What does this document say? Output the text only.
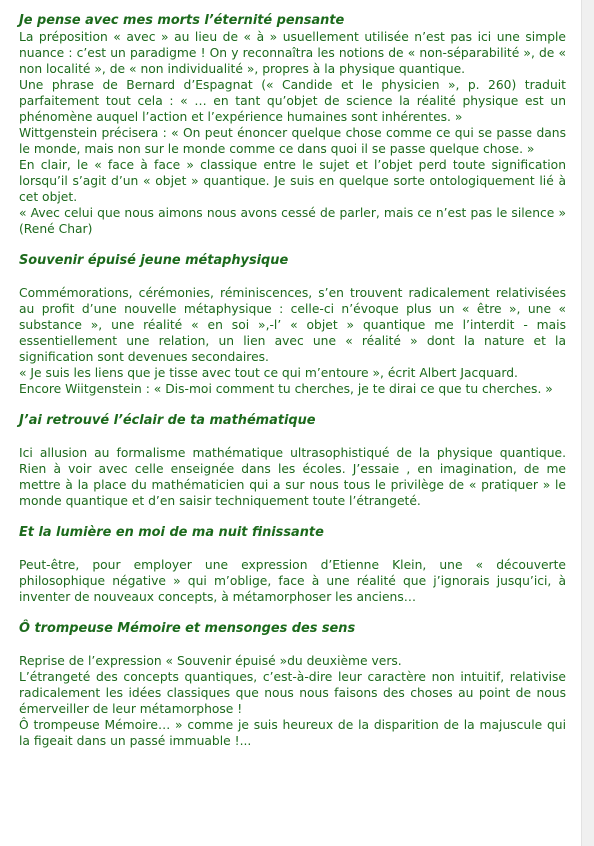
Je pense avec mes morts l’éternité pensante

La préposition « avec » au lieu de « à » usuellement utilisée n’est pas ici une simple nuance : c’est un paradigme ! On y reconnaîtra les notions de « non-séparabilité », de « non localité », de « non individualité », propres à la physique quantique.

Une phrase de Bernard d’Espagnat (« Candide et le physicien », p. 260) traduit parfaitement tout cela : « … en tant qu’objet de science la réalité physique est un phénomène auquel l’action et l’expérience humaines sont inhérentes. »

Wittgenstein précisera : « On peut énoncer quelque chose comme ce qui se passe dans le monde, mais non sur le monde comme ce dans quoi il se passe quelque chose. »

En clair, le « face à face » classique entre le sujet et l’objet perd toute signification lorsqu’il s’agit d’un « objet » quantique. Je suis en quelque sorte ontologiquement lié à cet objet.

« Avec celui que nous aimons nous avons cessé de parler, mais ce n’est pas le silence » (René Char)

Souvenir épuisé jeune métaphysique

Commémorations, cérémonies, réminiscences, s’en trouvent radicalement relativisées au profit d’une nouvelle métaphysique : celle-ci n’évoque plus un « être », une « substance », une réalité « en soi »,-l’ « objet » quantique me l’interdit - mais essentiellement une relation, un lien avec une « réalité » dont la nature et la signification sont devenues secondaires.

« Je suis les liens que je tisse avec tout ce qui m’entoure », écrit Albert Jacquard.

Encore Wiitgenstein : « Dis-moi comment tu cherches, je te dirai ce que tu cherches. »

J’ai retrouvé l’éclair de ta mathématique

Ici allusion au formalisme mathématique ultrasophistiqué de la physique quantique. Rien à voir avec celle enseignée dans les écoles. J’essaie , en imagination, de me mettre à la place du mathématicien qui a sur nous tous le privilège de « pratiquer » le monde quantique et d’en saisir techniquement toute l’étrangeté.

Et la lumière en moi de ma nuit finissante

Peut-être, pour employer une expression d’Etienne Klein, une « découverte philosophique négative » qui m’oblige, face à une réalité que j’ignorais jusqu’ici, à inventer de nouveaux concepts, à métamorphoser les anciens…

Ô trompeuse Mémoire et mensonges des sens

Reprise de l’expression « Souvenir épuisé »du deuxième vers.

L’étrangeté des concepts quantiques, c’est-à-dire leur caractère non intuitif, relativise radicalement les idées classiques que nous nous faisons des choses au point de nous émerveiller de leur métamorphose !

Ô trompeuse Mémoire… » comme je suis heureux de la disparition de la majuscule qui la figeait dans un passé immuable !...
